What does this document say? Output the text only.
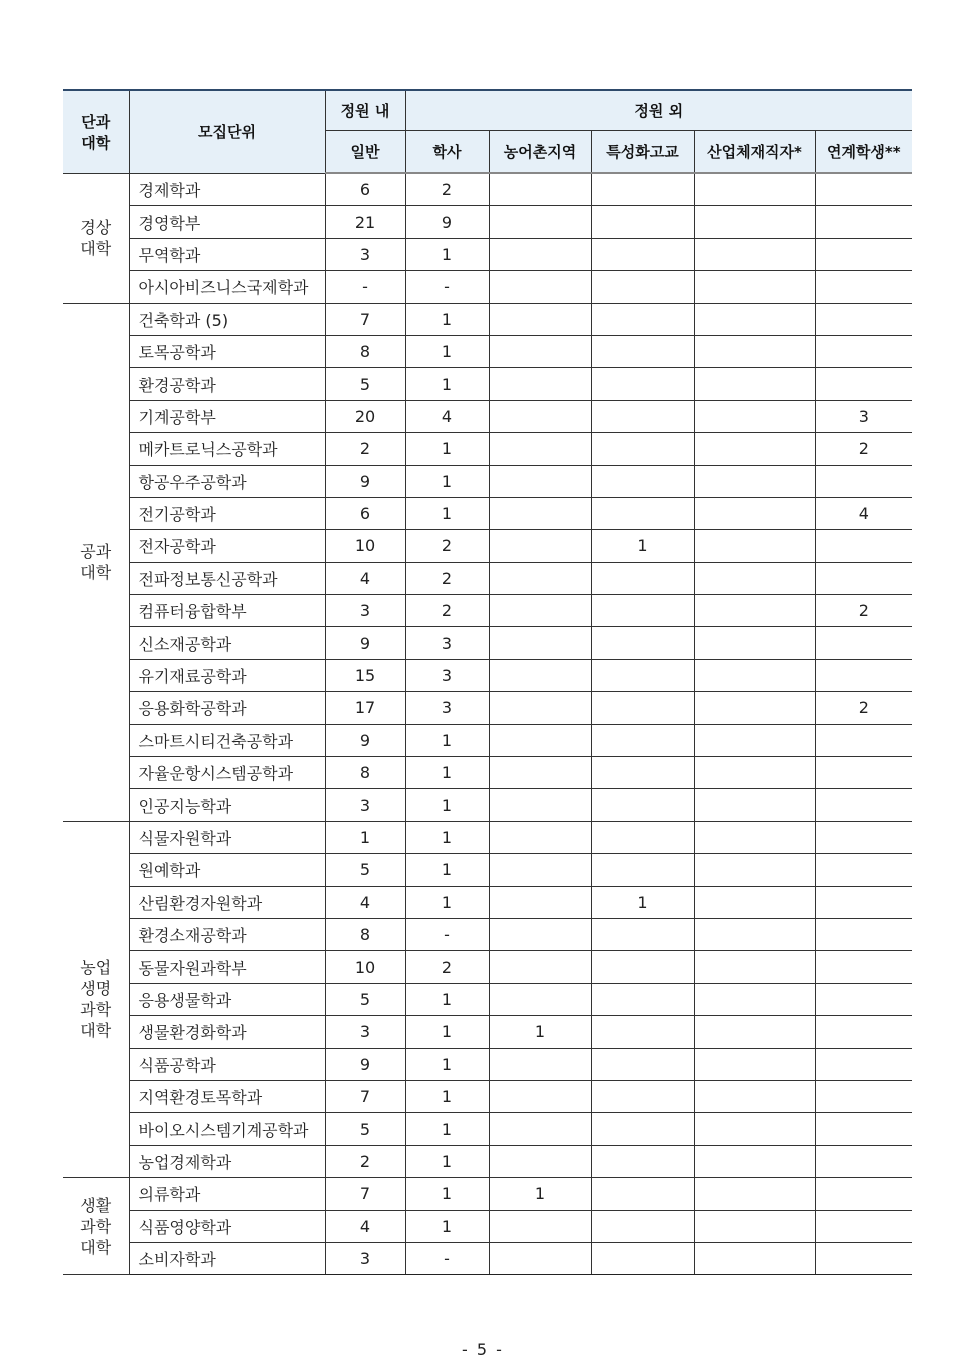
단과
대학	모집단위	정원 내	정원 외				
		일반	학사	농어촌지역	특성화고교	산업체재직자*	연계학생**

경상
대학	경제학과	6	2				
	경영학부	21	9				
	무역학과	3	1				
	아시아비즈니스국제학과	-	-				

공과
대학	건축학과 (5)	7	1				
	토목공학과	8	1				
	환경공학과	5	1				
	기계공학부	20	4				3
	메카트로닉스공학과	2	1				2
	항공우주공학과	9	1				
	전기공학과	6	1				4
	전자공학과	10	2		1		
	전파정보통신공학과	4	2				
	컴퓨터융합학부	3	2				2
	신소재공학과	9	3				
	유기재료공학과	15	3				
	응용화학공학과	17	3				2
	스마트시티건축공학과	9	1				
	자율운항시스템공학과	8	1				
	인공지능학과	3	1				

농업
생명
과학
대학	식물자원학과	1	1				
	원예학과	5	1				
	산림환경자원학과	4	1		1		
	환경소재공학과	8	-				
	동물자원과학부	10	2				
	응용생물학과	5	1				
	생물환경화학과	3	1	1			
	식품공학과	9	1				
	지역환경토목학과	7	1				
	바이오시스템기계공학과	5	1				
	농업경제학과	2	1				

생활
과학
대학	의류학과	7	1	1			
	식품영양학과	4	1				
	소비자학과	3	-				
- 5 -
